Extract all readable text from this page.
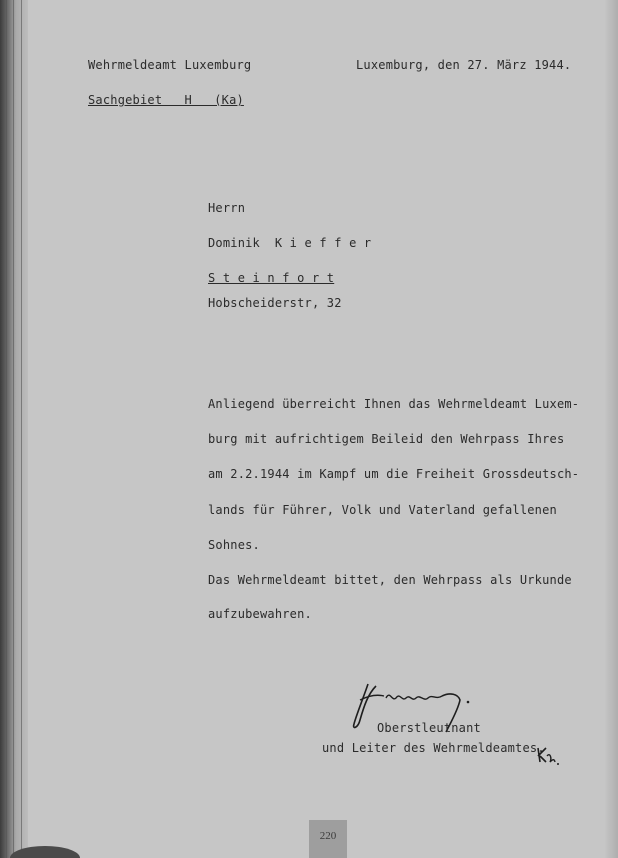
Wehrmeldeamt Luxemburg	Luxemburg, den 27. März 1944.
Sachgebiet   H   (Ka)
Herrn
Dominik  K i e f f e r
S t e i n f o r t
Hobscheiderstr, 32
Anliegend überreicht Ihnen das Wehrmeldeamt Luxem-
burg mit aufrichtigem Beileid den Wehrpass Ihres
am 2.2.1944 im Kampf um die Freiheit Grossdeutsch-
lands für Führer, Volk und Vaterland gefallenen
Sohnes.
Das Wehrmeldeamt bittet, den Wehrpass als Urkunde
aufzubewahren.
Oberstleutnant
und Leiter des Wehrmeldeamtes.
220
